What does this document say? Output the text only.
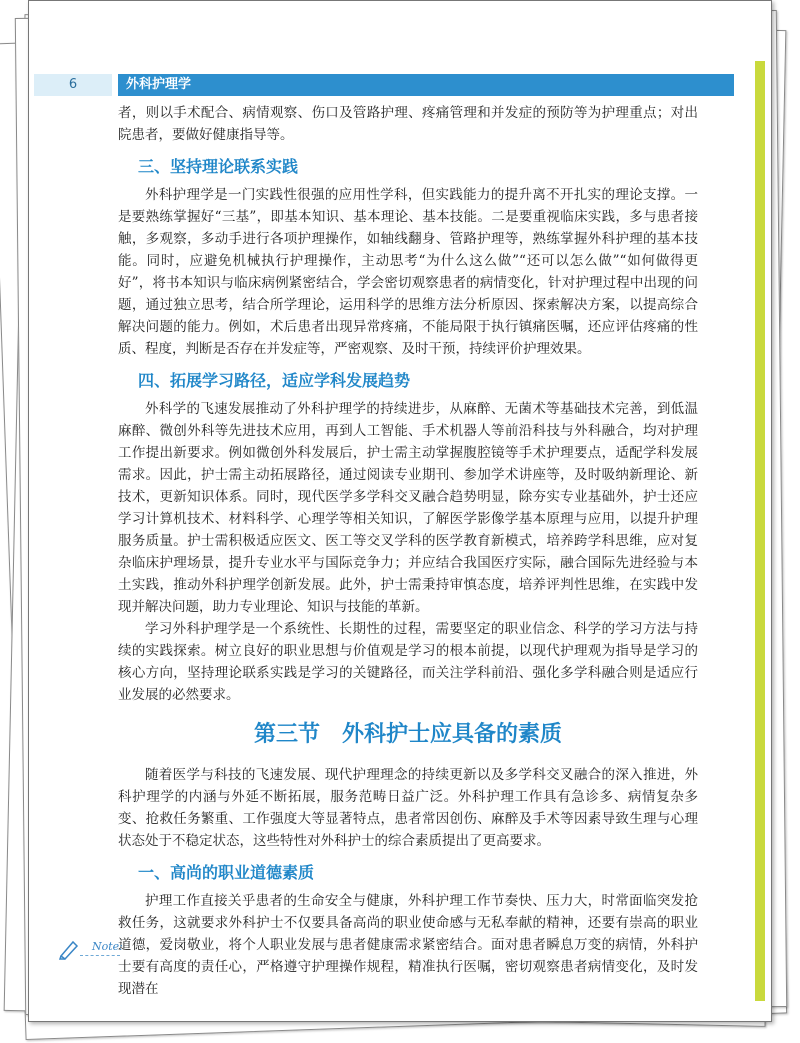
6	外科护理学

者，则以手术配合、病情观察、伤口及管路护理、疼痛管理和并发症的预防等为护理重点；对出院患者，要做好健康指导等。

三、坚持理论联系实践

外科护理学是一门实践性很强的应用性学科，但实践能力的提升离不开扎实的理论支撑。一是要熟练掌握好“三基”，即基本知识、基本理论、基本技能。二是要重视临床实践，多与患者接触，多观察，多动手进行各项护理操作，如轴线翻身、管路护理等，熟练掌握外科护理的基本技能。同时，应避免机械执行护理操作，主动思考“为什么这么做”“还可以怎么做”“如何做得更好”，将书本知识与临床病例紧密结合，学会密切观察患者的病情变化，针对护理过程中出现的问题，通过独立思考，结合所学理论，运用科学的思维方法分析原因、探索解决方案，以提高综合解决问题的能力。例如，术后患者出现异常疼痛，不能局限于执行镇痛医嘱，还应评估疼痛的性质、程度，判断是否存在并发症等，严密观察、及时干预，持续评价护理效果。

四、拓展学习路径，适应学科发展趋势

外科学的飞速发展推动了外科护理学的持续进步，从麻醉、无菌术等基础技术完善，到低温麻醉、微创外科等先进技术应用，再到人工智能、手术机器人等前沿科技与外科融合，均对护理工作提出新要求。例如微创外科发展后，护士需主动掌握腹腔镜等手术护理要点，适配学科发展需求。因此，护士需主动拓展路径，通过阅读专业期刊、参加学术讲座等，及时吸纳新理论、新技术，更新知识体系。同时，现代医学多学科交叉融合趋势明显，除夯实专业基础外，护士还应学习计算机技术、材料科学、心理学等相关知识，了解医学影像学基本原理与应用，以提升护理服务质量。护士需积极适应医文、医工等交叉学科的医学教育新模式，培养跨学科思维，应对复杂临床护理场景，提升专业水平与国际竞争力；并应结合我国医疗实际，融合国际先进经验与本土实践，推动外科护理学创新发展。此外，护士需秉持审慎态度，培养评判性思维，在实践中发现并解决问题，助力专业理论、知识与技能的革新。

学习外科护理学是一个系统性、长期性的过程，需要坚定的职业信念、科学的学习方法与持续的实践探索。树立良好的职业思想与价值观是学习的根本前提，以现代护理观为指导是学习的核心方向，坚持理论联系实践是学习的关键路径，而关注学科前沿、强化多学科融合则是适应行业发展的必然要求。

第三节　外科护士应具备的素质

随着医学与科技的飞速发展、现代护理理念的持续更新以及多学科交叉融合的深入推进，外科护理学的内涵与外延不断拓展，服务范畴日益广泛。外科护理工作具有急诊多、病情复杂多变、抢救任务繁重、工作强度大等显著特点，患者常因创伤、麻醉及手术等因素导致生理与心理状态处于不稳定状态，这些特性对外科护士的综合素质提出了更高要求。

一、高尚的职业道德素质

护理工作直接关乎患者的生命安全与健康，外科护理工作节奏快、压力大，时常面临突发抢救任务，这就要求外科护士不仅要具备高尚的职业使命感与无私奉献的精神，还要有崇高的职业道德，爱岗敬业，将个人职业发展与患者健康需求紧密结合。面对患者瞬息万变的病情，外科护士要有高度的责任心，严格遵守护理操作规程，精准执行医嘱，密切观察患者病情变化，及时发现潜在

Note:
